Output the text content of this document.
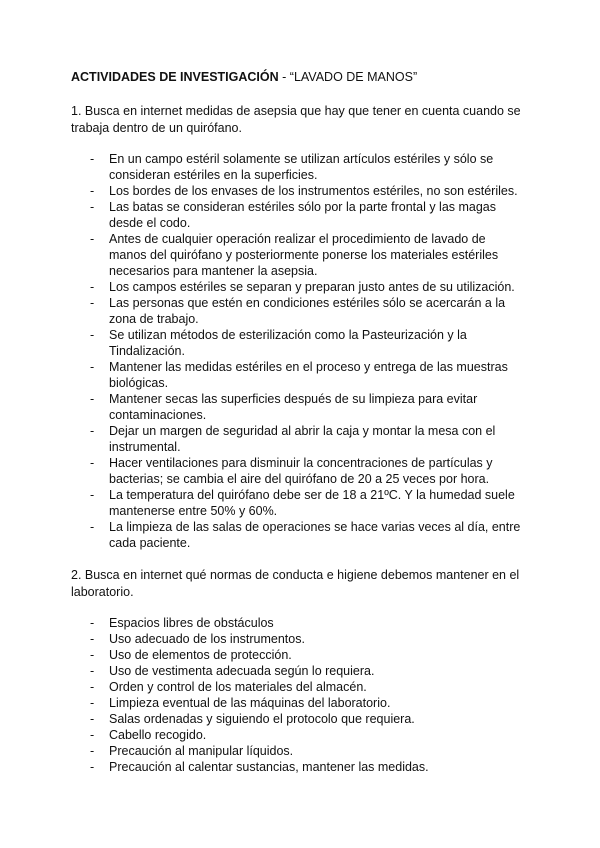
ACTIVIDADES DE INVESTIGACIÓN - “LAVADO DE MANOS”
1. Busca en internet medidas de asepsia que hay que tener en cuenta cuando se trabaja dentro de un quirófano.
- En un campo estéril solamente se utilizan artículos estériles y sólo se consideran estériles en la superficies.
- Los bordes de los envases de los instrumentos estériles, no son estériles.
- Las batas se consideran estériles sólo por la parte frontal y las magas desde el codo.
- Antes de cualquier operación realizar el procedimiento de lavado de manos del quirófano y posteriormente ponerse los materiales estériles necesarios para mantener la asepsia.
- Los campos estériles se separan y preparan justo antes de su utilización.
- Las personas que estén en condiciones estériles sólo se acercarán a la zona de trabajo.
- Se utilizan métodos de esterilización como la Pasteurización y la Tindalización.
- Mantener las medidas estériles en el proceso y entrega de las muestras biológicas.
- Mantener secas las superficies después de su limpieza para evitar contaminaciones.
- Dejar un margen de seguridad al abrir la caja y montar la mesa con el instrumental.
- Hacer ventilaciones para disminuir la concentraciones de partículas y bacterias; se cambia el aire del quirófano de 20 a 25 veces por hora.
- La temperatura del quirófano debe ser de 18 a 21ºC. Y la humedad suele mantenerse entre 50% y 60%.
- La limpieza de las salas de operaciones se hace varias veces al día, entre cada paciente.
2. Busca en internet qué normas de conducta e higiene debemos mantener en el laboratorio.
- Espacios libres de obstáculos
- Uso adecuado de los instrumentos.
- Uso de elementos de protección.
- Uso de vestimenta adecuada según lo requiera.
- Orden y control de los materiales del almacén.
- Limpieza eventual de las máquinas del laboratorio.
- Salas ordenadas y siguiendo el protocolo que requiera.
- Cabello recogido.
- Precaución al manipular líquidos.
- Precaución al calentar sustancias, mantener las medidas.
